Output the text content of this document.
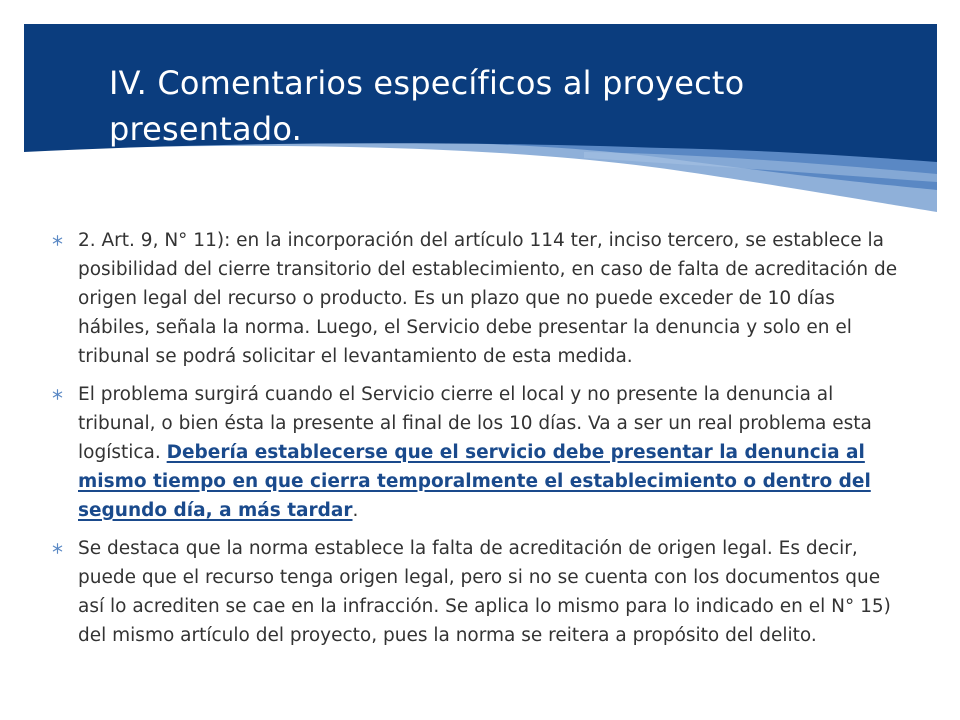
IV. Comentarios específicos al proyecto presentado.
2. Art. 9, N° 11): en la incorporación del artículo 114 ter, inciso tercero, se establece la posibilidad del cierre transitorio del establecimiento, en caso de falta de acreditación de origen legal del recurso o producto. Es un plazo que no puede exceder de 10 días hábiles, señala la norma. Luego, el Servicio debe presentar la denuncia y solo en el tribunal se podrá solicitar el levantamiento de esta medida.
El problema surgirá cuando el Servicio cierre el local y no presente la denuncia al tribunal, o bien ésta la presente al final de los 10 días. Va a ser un real problema esta logística. Debería establecerse que el servicio debe presentar la denuncia al mismo tiempo en que cierra temporalmente el establecimiento o dentro del segundo día, a más tardar.
Se destaca que la norma establece la falta de acreditación de origen legal. Es decir, puede que el recurso tenga origen legal, pero si no se cuenta con los documentos que así lo acrediten se cae en la infracción. Se aplica lo mismo para lo indicado en el N° 15) del mismo artículo del proyecto, pues la norma se reitera a propósito del delito.
